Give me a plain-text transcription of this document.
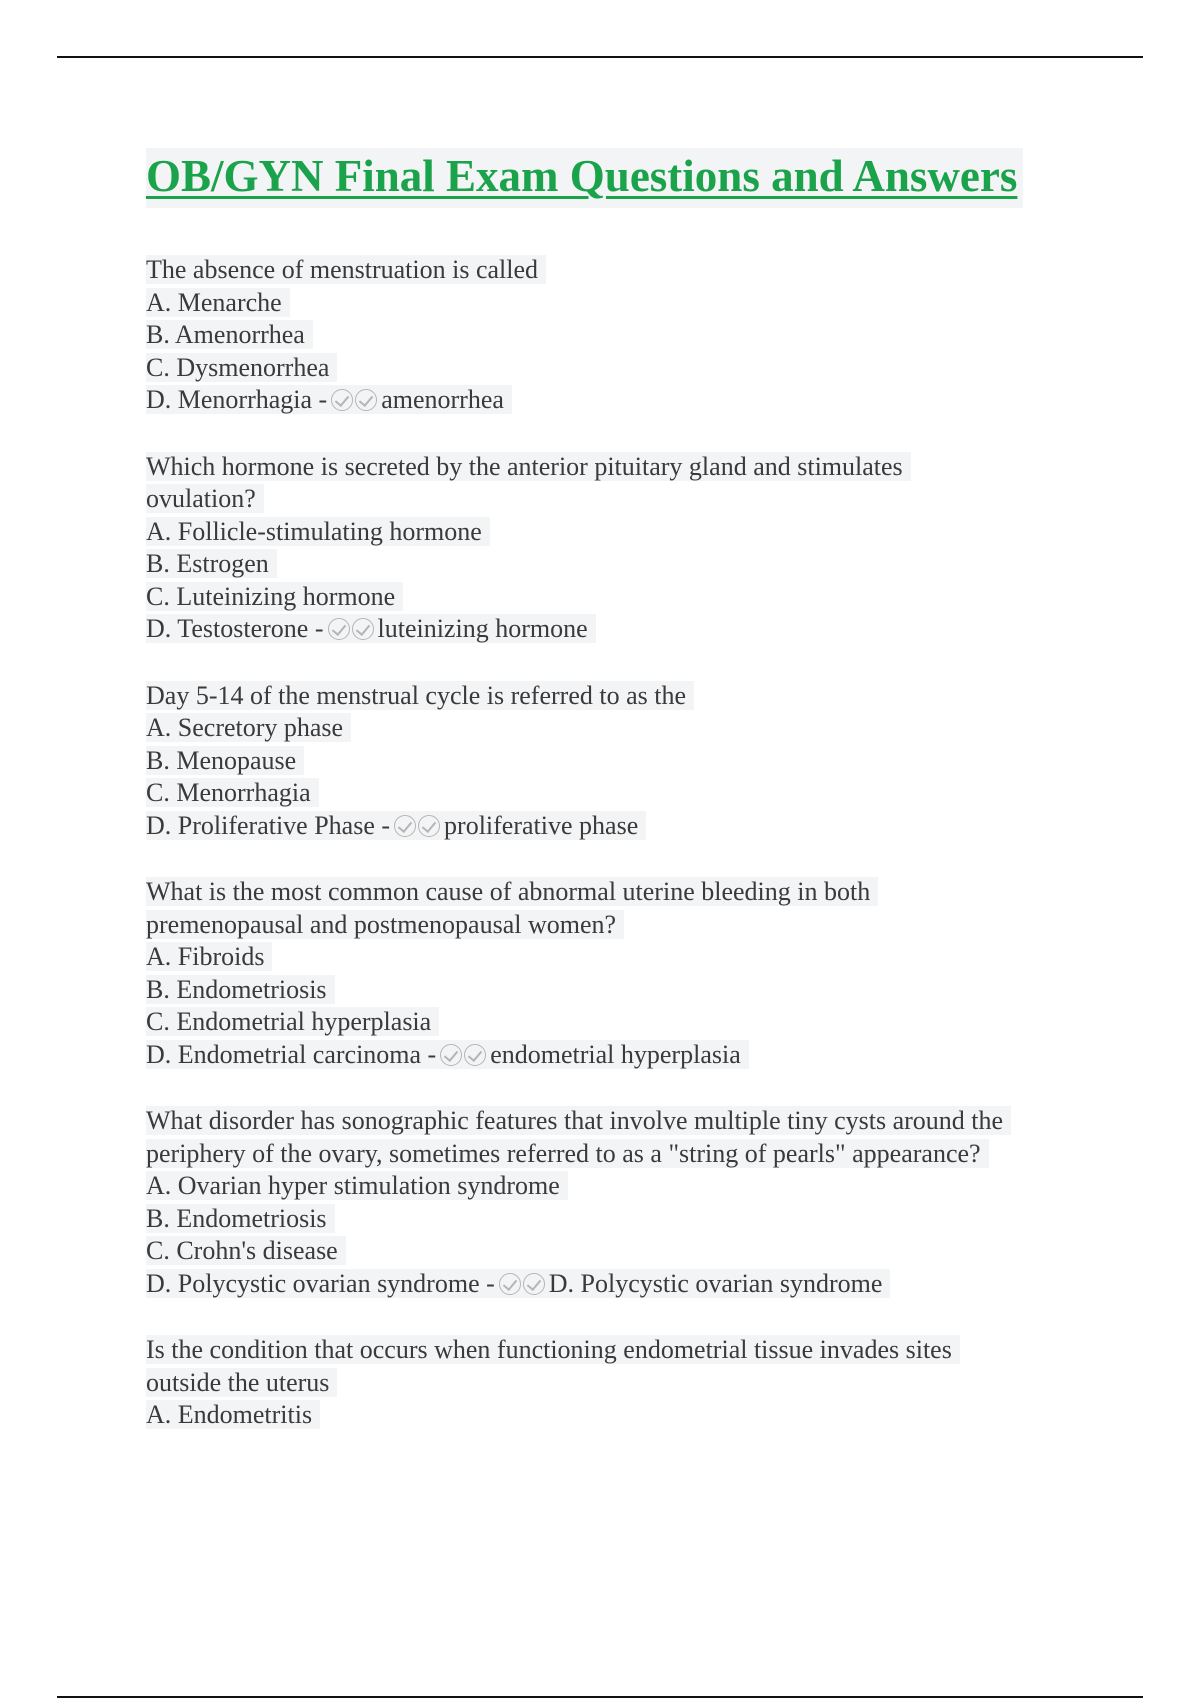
OB/GYN Final Exam Questions and Answers
The absence of menstruation is called
A. Menarche
B. Amenorrhea
C. Dysmenorrhea
D. Menorrhagia - amenorrhea
Which hormone is secreted by the anterior pituitary gland and stimulates
ovulation?
A. Follicle-stimulating hormone
B. Estrogen
C. Luteinizing hormone
D. Testosterone - luteinizing hormone
Day 5-14 of the menstrual cycle is referred to as the
A. Secretory phase
B. Menopause
C. Menorrhagia
D. Proliferative Phase - proliferative phase
What is the most common cause of abnormal uterine bleeding in both
premenopausal and postmenopausal women?
A. Fibroids
B. Endometriosis
C. Endometrial hyperplasia
D. Endometrial carcinoma - endometrial hyperplasia
What disorder has sonographic features that involve multiple tiny cysts around the
periphery of the ovary, sometimes referred to as a "string of pearls" appearance?
A. Ovarian hyper stimulation syndrome
B. Endometriosis
C. Crohn's disease
D. Polycystic ovarian syndrome - D. Polycystic ovarian syndrome
Is the condition that occurs when functioning endometrial tissue invades sites
outside the uterus
A. Endometritis
